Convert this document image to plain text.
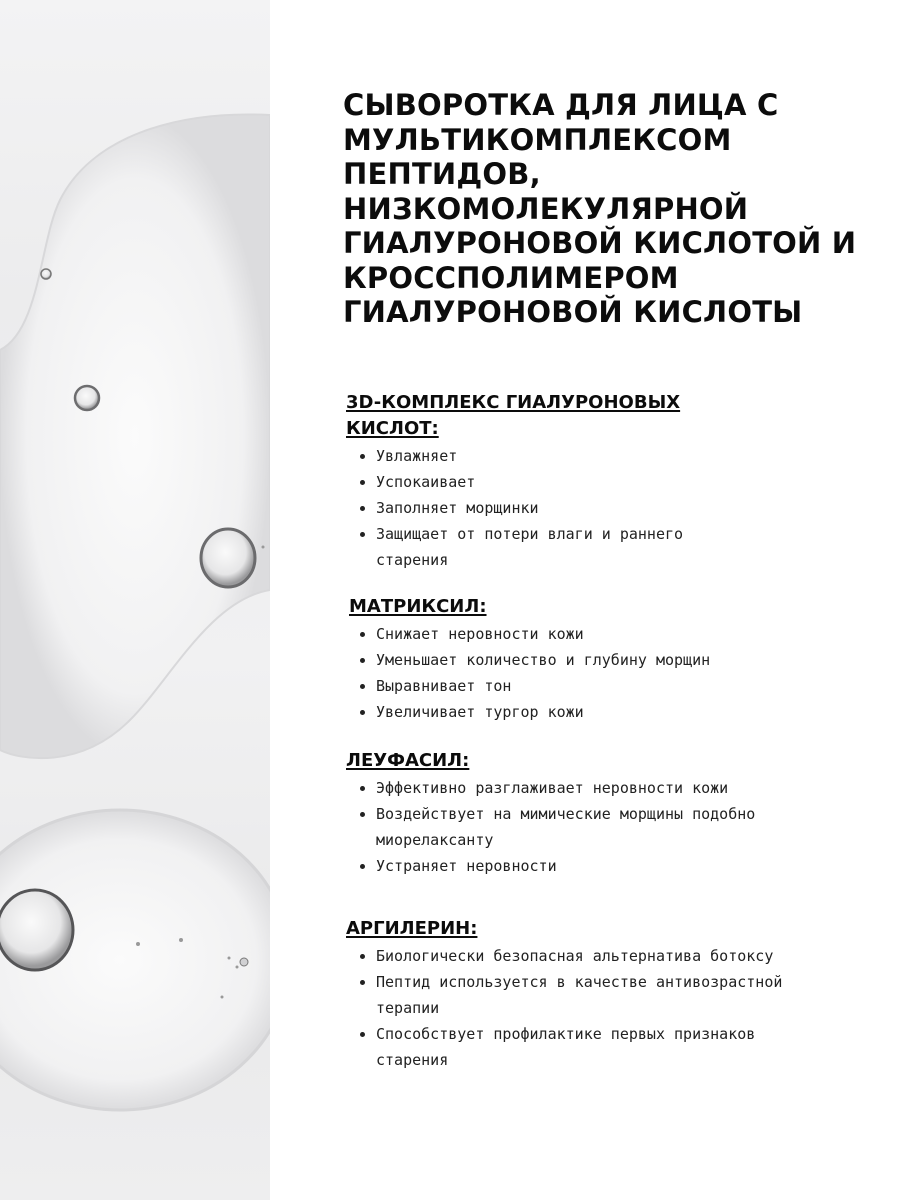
СЫВОРОТКА ДЛЯ ЛИЦА С МУЛЬТИКОМПЛЕКСОМ ПЕПТИДОВ, НИЗКОМОЛЕКУЛЯРНОЙ ГИАЛУРОНОВОЙ КИСЛОТОЙ И КРОССПОЛИМЕРОМ ГИАЛУРОНОВОЙ КИСЛОТЫ
3D-КОМПЛЕКС ГИАЛУРОНОВЫХ КИСЛОТ:
• Увлажняет
• Успокаивает
• Заполняет морщинки
• Защищает от потери влаги и раннего старения
МАТРИКСИЛ:
• Снижает неровности кожи
• Уменьшает количество и глубину морщин
• Выравнивает тон
• Увеличивает тургор кожи
ЛЕУФАСИЛ:
• Эффективно разглаживает неровности кожи
• Воздействует на мимические морщины подобно миорелаксанту
• Устраняет неровности
АРГИЛЕРИН:
• Биологически безопасная альтернатива ботоксу
• Пептид используется в качестве антивозрастной терапии
• Способствует профилактике первых признаков старения
